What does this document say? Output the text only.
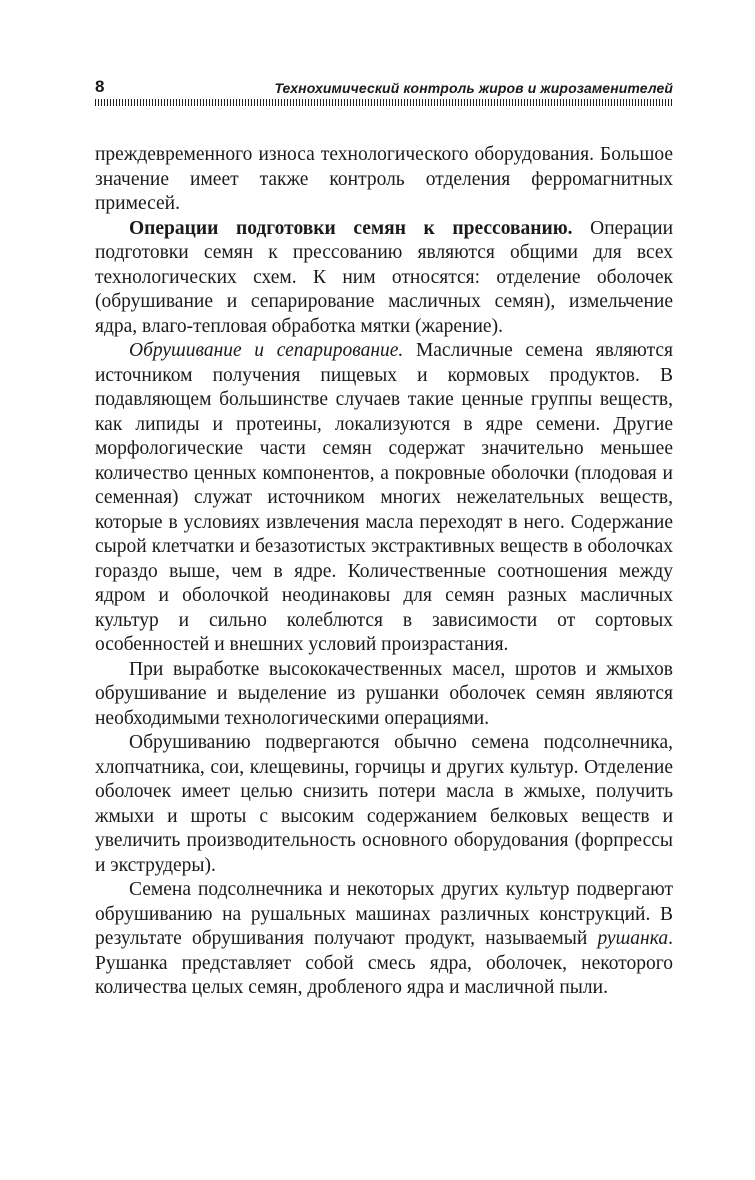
8	Технохимический контроль жиров и жирозаменителей

преждевременного износа технологического оборудования. Большое значение имеет также контроль отделения ферромагнитных примесей.

Операции подготовки семян к прессованию. Операции подготовки семян к прессованию являются общими для всех технологических схем. К ним относятся: отделение оболочек (обрушивание и сепарирование масличных семян), измельчение ядра, влаго-тепловая обработка мятки (жарение).

Обрушивание и сепарирование. Масличные семена являются источником получения пищевых и кормовых продуктов. В подавляющем большинстве случаев такие ценные группы веществ, как липиды и протеины, локализуются в ядре семени. Другие морфологические части семян содержат значительно меньшее количество ценных компонентов, а покровные оболочки (плодовая и семенная) служат источником многих нежелательных веществ, которые в условиях извлечения масла переходят в него. Содержание сырой клетчатки и безазотистых экстрактивных веществ в оболочках гораздо выше, чем в ядре. Количественные соотношения между ядром и оболочкой неодинаковы для семян разных масличных культур и сильно колеблются в зависимости от сортовых особенностей и внешних условий произрастания.

При выработке высококачественных масел, шротов и жмыхов обрушивание и выделение из рушанки оболочек семян являются необходимыми технологическими операциями.

Обрушиванию подвергаются обычно семена подсолнечника, хлопчатника, сои, клещевины, горчицы и других культур. Отделение оболочек имеет целью снизить потери масла в жмыхе, получить жмыхи и шроты с высоким содержанием белковых веществ и увеличить производительность основного оборудования (форпрессы и экструдеры).

Семена подсолнечника и некоторых других культур подвергают обрушиванию на рушальных машинах различных конструкций. В результате обрушивания получают продукт, называемый рушанка. Рушанка представляет собой смесь ядра, оболочек, некоторого количества целых семян, дробленого ядра и масличной пыли.
